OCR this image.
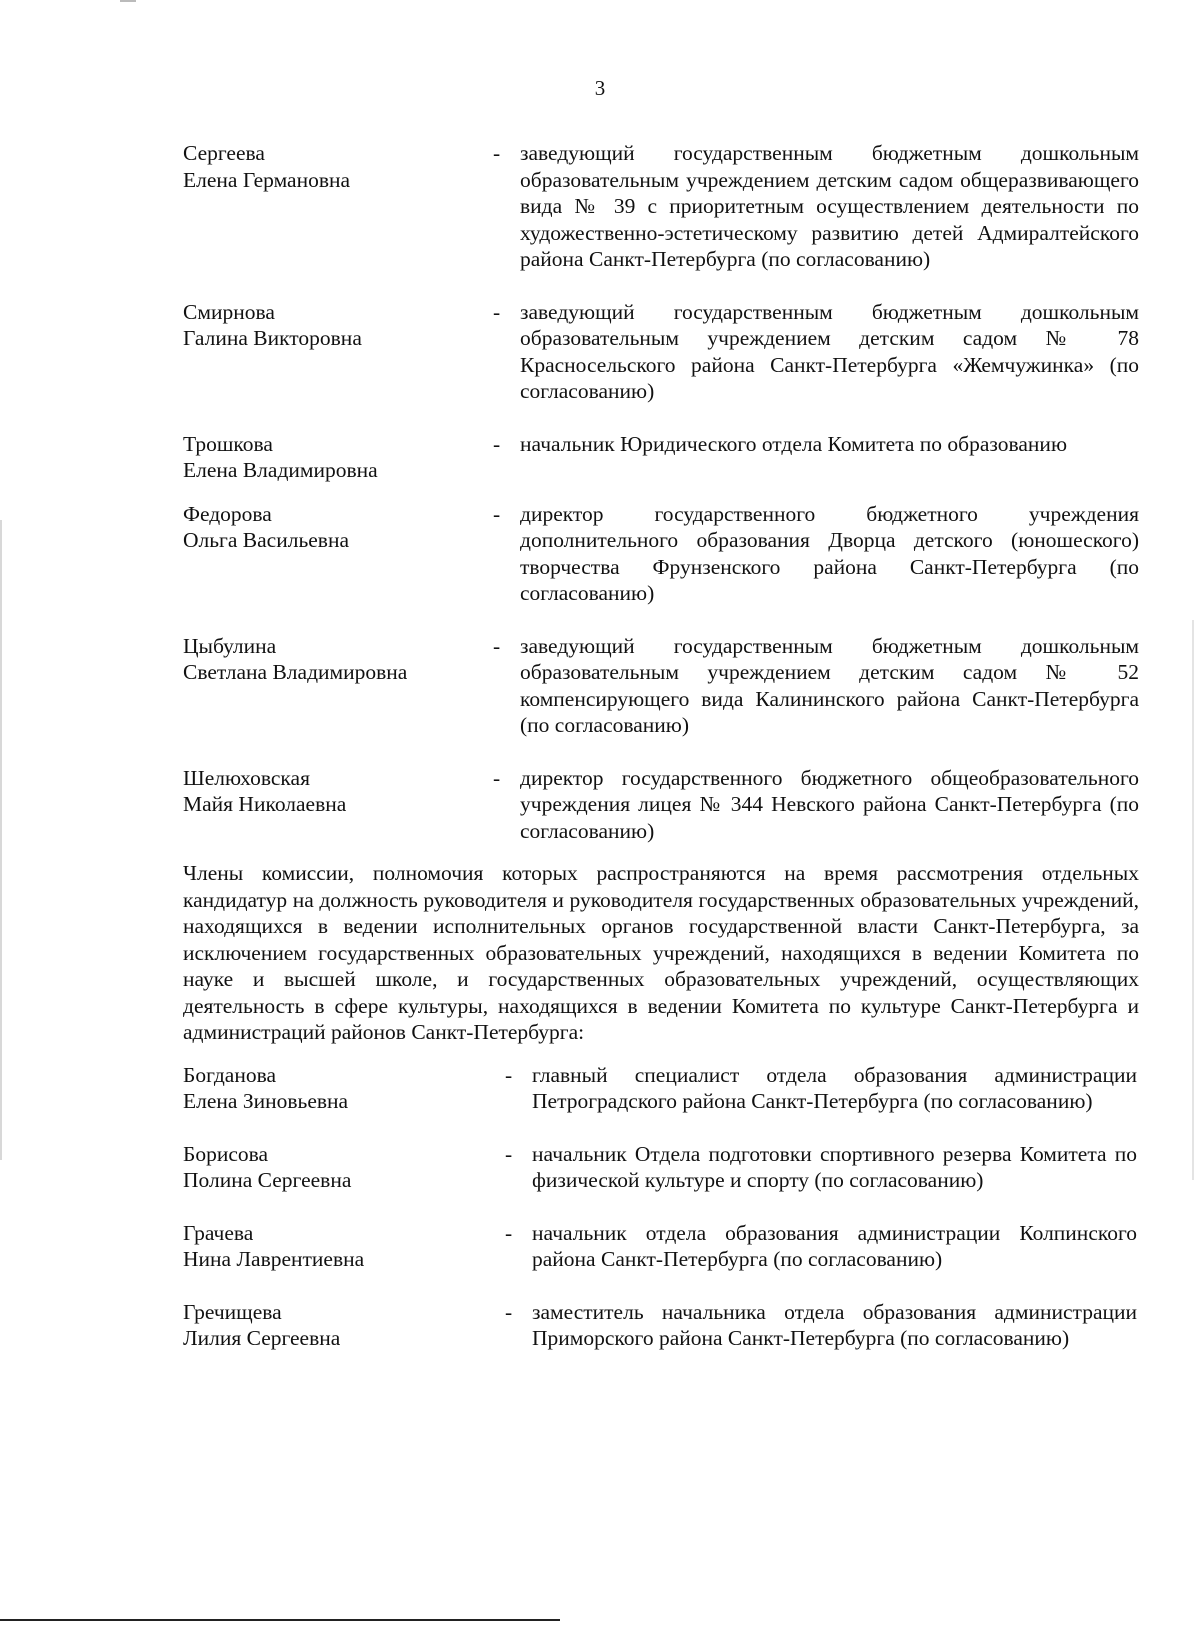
3
Сергеева
Елена Германовна
- заведующий государственным бюджетным дошкольным образовательным учреждением детским садом общеразвивающего вида № 39 с приоритетным осуществлением деятельности по художественно-эстетическому развитию детей Адмиралтейского района Санкт-Петербурга (по согласованию)
Смирнова
Галина Викторовна
- заведующий государственным бюджетным дошкольным образовательным учреждением детским садом № 78 Красносельского района Санкт-Петербурга «Жемчужинка» (по согласованию)
Трошкова
Елена Владимировна
- начальник Юридического отдела Комитета по образованию
Федорова
Ольга Васильевна
- директор государственного бюджетного учреждения дополнительного образования Дворца детского (юношеского) творчества Фрунзенского района Санкт-Петербурга (по согласованию)
Цыбулина
Светлана Владимировна
- заведующий государственным бюджетным дошкольным образовательным учреждением детским садом № 52 компенсирующего вида Калининского района Санкт-Петербурга (по согласованию)
Шелюховская
Майя Николаевна
- директор государственного бюджетного общеобразовательного учреждения лицея № 344 Невского района Санкт-Петербурга (по согласованию)
Члены комиссии, полномочия которых распространяются на время рассмотрения отдельных кандидатур на должность руководителя и руководителя государственных образовательных учреждений, находящихся в ведении исполнительных органов государственной власти Санкт-Петербурга, за исключением государственных образовательных учреждений, находящихся в ведении Комитета по науке и высшей школе, и государственных образовательных учреждений, осуществляющих деятельность в сфере культуры, находящихся в ведении Комитета по культуре Санкт-Петербурга и администраций районов Санкт-Петербурга:
Богданова
Елена Зиновьевна
- главный специалист отдела образования администрации Петроградского района Санкт-Петербурга (по согласованию)
Борисова
Полина Сергеевна
- начальник Отдела подготовки спортивного резерва Комитета по физической культуре и спорту (по согласованию)
Грачева
Нина Лаврентиевна
- начальник отдела образования администрации Колпинского района Санкт-Петербурга (по согласованию)
Гречищева
Лилия Сергеевна
- заместитель начальника отдела образования администрации Приморского района Санкт-Петербурга (по согласованию)
